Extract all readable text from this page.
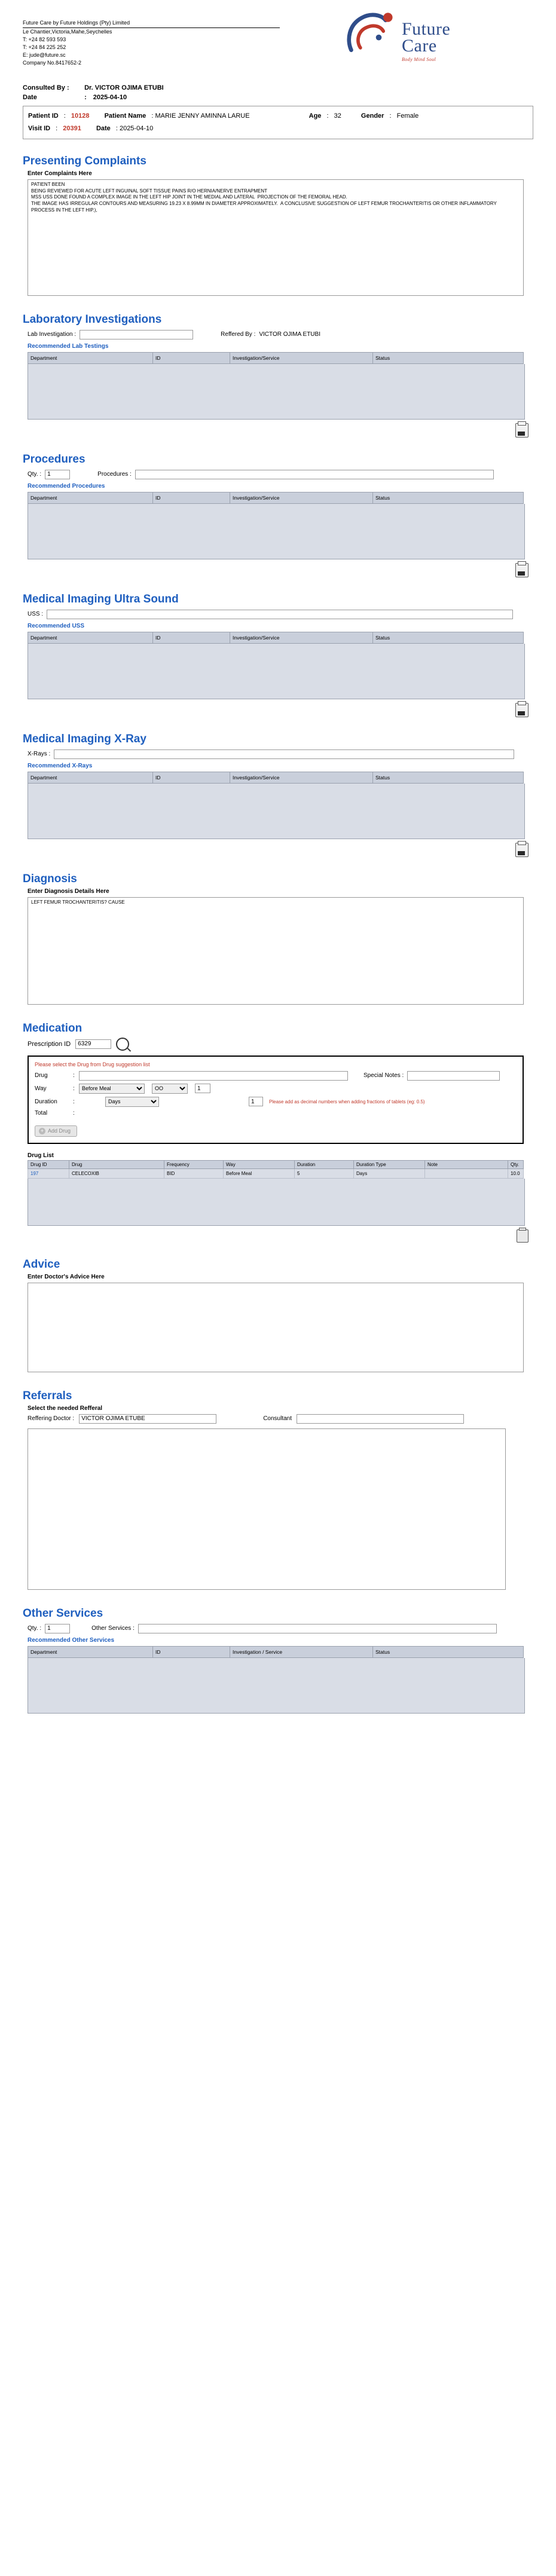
Future Care by Future Holdings (Pty) Limited
Le Chantier,Victoria,Mahe,Seychelles
T: +24 82 593 593
T: +24 84 225 252
E: jude@future.sc
Company No.8417652-2
Future
Care
Body Mind Soul
Consulted By : Dr. VICTOR OJIMA ETUBI
Date	: 2025-04-10
Patient ID : 10128 Patient Name : MARIE JENNY AMINNA LARUE	Age : 32	Gender : Female
Visit ID : 20391 Date : 2025-04-10
Presenting Complaints
Enter Complaints Here
PATIENT BEEN BEING REVIEWED FOR ACUTE LEFT INGUINAL SOFT TISSUE PAINS R/O HERNIA/NERVE ENTRAPMENT MSS USS DONE FOUND A COMPLEX IMAGE IN THE LEFT HIP JOINT IN THE MEDIAL AND LATERAL PROJECTION OF THE FEMORAL HEAD. THE IMAGE HAS IRREGULAR CONTOURS AND MEASURING 19.23 X 8.99MM IN DIAMETER APPROXIMATELY. A CONCLUSIVE SUGGESTION OF LEFT FEMUR TROCHANTERITIS OR OTHER INFLAMMATORY PROCESS IN THE LEFT HIP.),
Laboratory Investigations
Lab Investigation :	Reffered By : VICTOR OJIMA ETUBI
Recommended Lab Testings
Department	ID	Investigation/Service	Status
Procedures
Qty. :
1	Procedures :
Recommended Procedures
Department	ID	Investigation/Service	Status
Medical Imaging Ultra Sound
USS :
Recommended USS
Department	ID	Investigation/Service	Status
Medical Imaging X-Ray
X-Rays :
Recommended X-Rays
Department	ID	Investigation/Service	Status
Diagnosis
Enter Diagnosis Details Here
LEFT FEMUR TROCHANTERITIS? CAUSE
Medication
Prescription ID
6329
Please select the Drug from Drug suggestion list
Drug	:	Special Notes :
Way	:
Before Meal
OO
1
Duration	:
Days
1	Please add as decimal numbers when adding fractions of tablets (eg: 0.5)
Total	:
+ Add Drug
Drug List
Drug ID	Drug	Frequency	Way	Duration	Duration Type	Note	Qty.
197	CELECOXIB	BID	Before Meal	5	Days		10.0
Advice
Enter Doctor's Advice Here
Referrals
Select the needed Refferal
Reffering Doctor :
VICTOR OJIMA ETUBE	Consultant
Other Services
Qty. :
1	Other Services :
Recommended Other Services
Department	ID	Investigation / Service	Status
